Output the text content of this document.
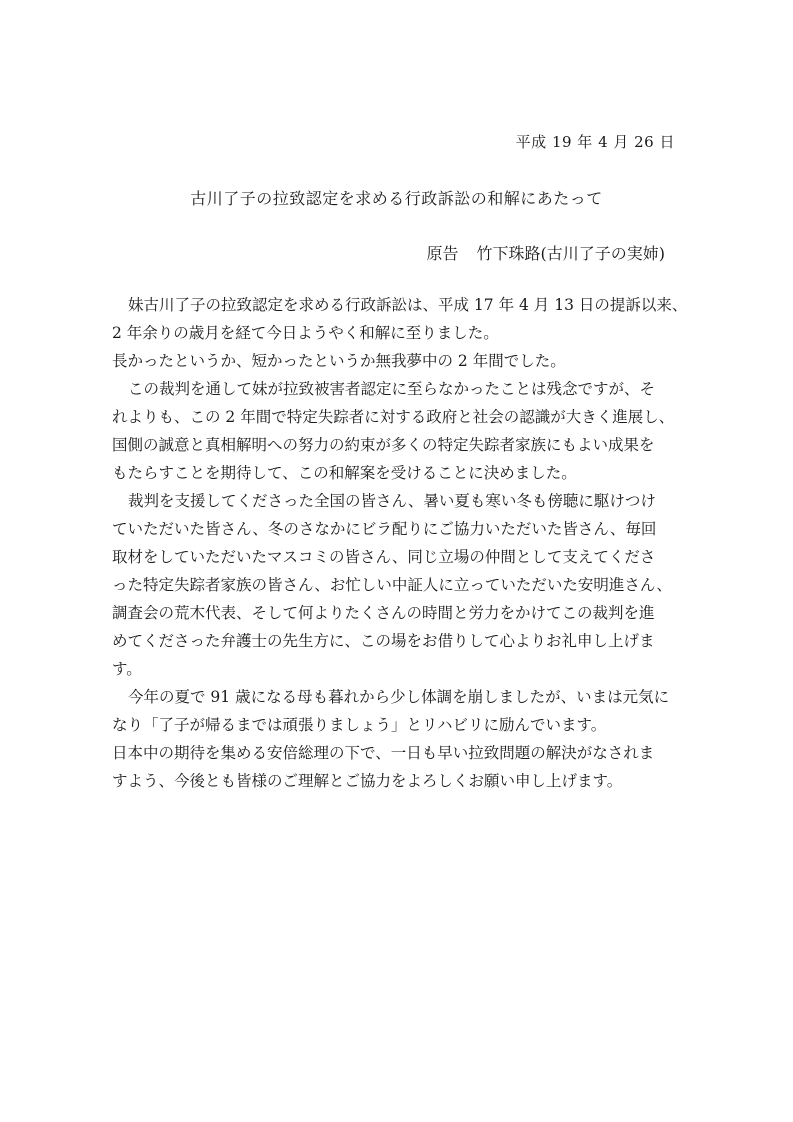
平成 19 年 4 月 26 日
古川了子の拉致認定を求める行政訴訟の和解にあたって
原告 竹下珠路(古川了子の実姉)
妹古川了子の拉致認定を求める行政訴訟は、平成 17 年 4 月 13 日の提訴以来、
2 年余りの歳月を経て今日ようやく和解に至りました。
長かったというか、短かったというか無我夢中の 2 年間でした。
この裁判を通して妹が拉致被害者認定に至らなかったことは残念ですが、そ
れよりも、この 2 年間で特定失踪者に対する政府と社会の認識が大きく進展し、
国側の誠意と真相解明への努力の約束が多くの特定失踪者家族にもよい成果を
もたらすことを期待して、この和解案を受けることに決めました。
裁判を支援してくださった全国の皆さん、暑い夏も寒い冬も傍聴に駆けつけ
ていただいた皆さん、冬のさなかにビラ配りにご協力いただいた皆さん、毎回
取材をしていただいたマスコミの皆さん、同じ立場の仲間として支えてくださ
った特定失踪者家族の皆さん、お忙しい中証人に立っていただいた安明進さん、
調査会の荒木代表、そして何よりたくさんの時間と労力をかけてこの裁判を進
めてくださった弁護士の先生方に、この場をお借りして心よりお礼申し上げま
す。
今年の夏で 91 歳になる母も暮れから少し体調を崩しましたが、いまは元気に
なり「了子が帰るまでは頑張りましょう」とリハビリに励んでいます。
日本中の期待を集める安倍総理の下で、一日も早い拉致問題の解決がなされま
すよう、今後とも皆様のご理解とご協力をよろしくお願い申し上げます。
